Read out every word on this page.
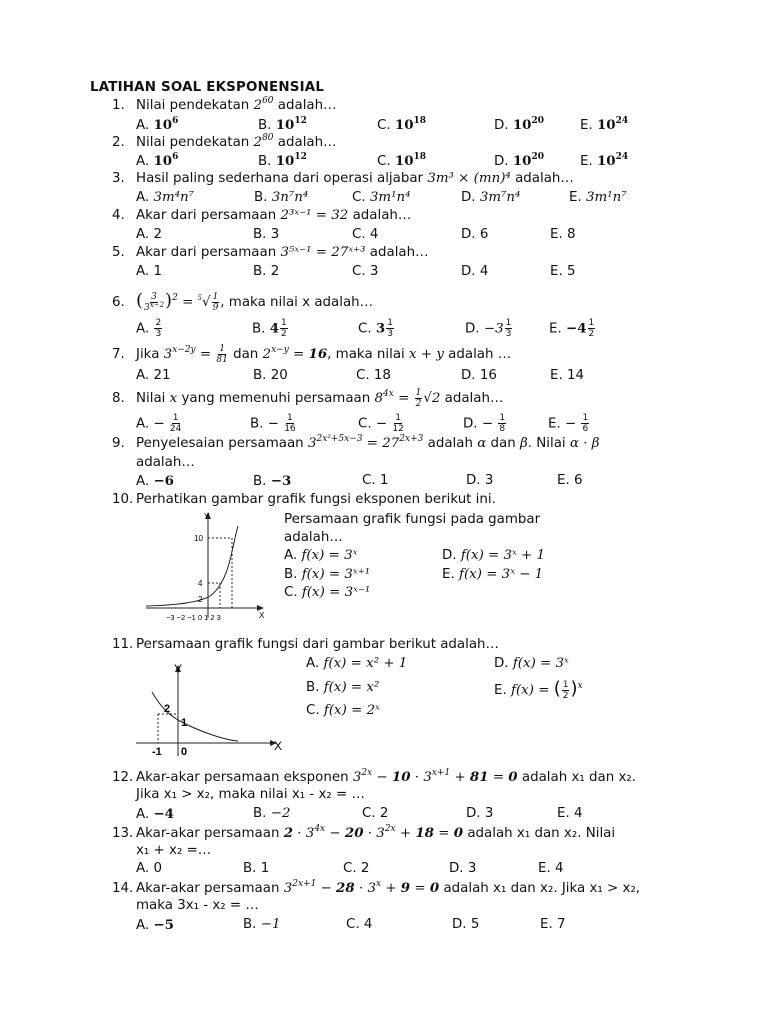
LATIHAN SOAL EKSPONENSIAL
1. Nilai pendekatan $2^{60}$ adalah…
A. $10^6$	B. $10^{12}$	C. $10^{18}$	D. $10^{20}$	E. $10^{24}$
2. Nilai pendekatan $2^{80}$ adalah…
A. $10^6$	B. $10^{12}$	C. $10^{18}$	D. $10^{20}$	E. $10^{24}$
3. Hasil paling sederhana dari operasi aljabar 3m³ × (mn)⁴ adalah…
A. 3m⁴n⁷	B. 3n⁷n⁴	C. 3m¹n⁴	D. 3m⁷n⁴	E. 3m¹n⁷
4. Akar dari persamaan 2³ˣ⁻¹ = 32 adalah…
A. 2	B. 3	C. 4	D. 6	E. 8
5. Akar dari persamaan 3⁵ˣ⁻¹ = 27ˣ⁺³ adalah…
A. 1	B. 2	C. 3	D. 4	E. 5
6. ( $\frac{3}{3^{x-2}} )^2 = ^5√ \frac{1}{9}$ , maka nilai x adalah…
A. $\frac{2}{3}$	B. $4 \frac{1}{2}$	C. $3 \frac{1}{3}$	D. $-3 \frac{1}{3}$	E. $-4 \frac{1}{2}$
7. Jika $3^{x-2y} = \frac{1}{81}$ dan $2^{x-y} = 16$, maka nilai x + y adalah …
A. 21	B. 20	C. 18	D. 16	E. 14
8. Nilai x yang memenuhi persamaan $8^{4x} = \frac{1}{2} √2$ adalah…
A. − $\frac{1}{24}$	B. − $\frac{1}{16}$	C. − $\frac{1}{12}$	D. − $\frac{1}{8}$	E. − $\frac{1}{6}$
9. Penyelesaian persamaan $3^{2x^2+5x-3} = 27^{2x+3}$ adalah α dan β. Nilai α · β
adalah…
A. −6	B. −3	C. 1	D. 3	E. 6
10. Perhatikan gambar grafik fungsi eksponen berikut ini.
Y
X
10
4
2
−3 −2 −1 0 1 2 3
Persamaan grafik fungsi pada gambar
adalah…
A. f(x) = 3ˣ
B. f(x) = 3ˣ⁺¹
C. f(x) = 3ˣ⁻¹
D. f(x) = 3ˣ + 1
E. f(x) = 3ˣ − 1
11. Persamaan grafik fungsi dari gambar berikut adalah…
Y
X
2
1
-1 0
A. f(x) = x² + 1
B. f(x) = x²
C. f(x) = 2ˣ
D. f(x) = 3ˣ
E. f(x) = ( $\frac{1}{2} )^x$
12. Akar-akar persamaan eksponen $3^{2x} - 10 \cdot 3^{x+1} + 81 = 0$ adalah x₁ dan x₂.
Jika x₁ > x₂, maka nilai x₁ - x₂ = …
A. −4	B. −2	C. 2	D. 3	E. 4
13. Akar-akar persamaan $2 \cdot 3^{4x} - 20 \cdot 3^{2x} + 18 = 0$ adalah x₁ dan x₂. Nilai
x₁ + x₂ =…
A. 0	B. 1	C. 2	D. 3	E. 4
14. Akar-akar persamaan $3^{2x+1} - 28 \cdot 3^x + 9 = 0$ adalah x₁ dan x₂. Jika x₁ > x₂,
maka 3x₁ - x₂ = …
A. −5	B. −1	C. 4	D. 5	E. 7
